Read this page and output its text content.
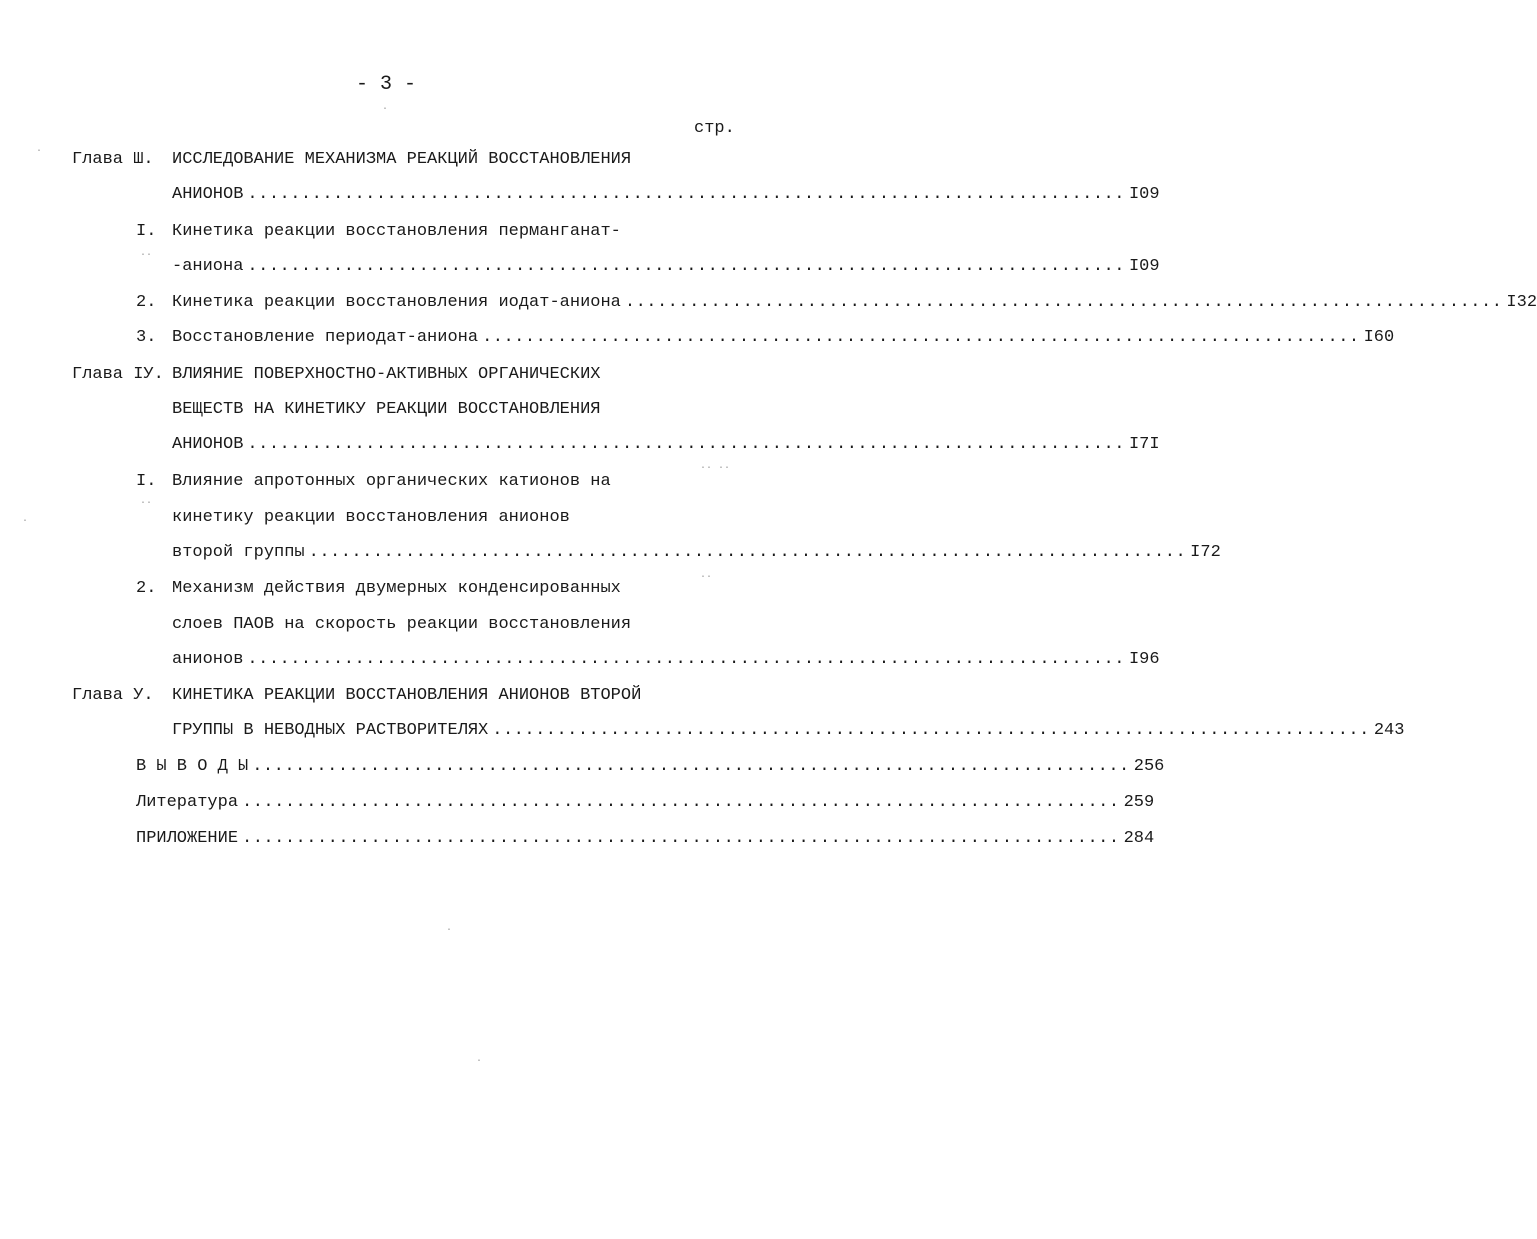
- 3 -
стр.
Глава Ш. ИССЛЕДОВАНИЕ МЕХАНИЗМА РЕАКЦИЙ ВОССТАНОВЛЕНИЯ
АНИОНОВ .................................................................................. I09
I. Кинетика реакции восстановления перманганат-
-аниона .................................................................................. I09
2. Кинетика реакции восстановления иодат-аниона .................................................................................. I32
3. Восстановление периодат-аниона .................................................................................. I60
Глава IУ. ВЛИЯНИЕ ПОВЕРХНОСТНО-АКТИВНЫХ ОРГАНИЧЕСКИХ
ВЕЩЕСТВ НА КИНЕТИКУ РЕАКЦИИ ВОССТАНОВЛЕНИЯ
АНИОНОВ .................................................................................. I7I
I. Влияние апротонных органических катионов на
кинетику реакции восстановления анионов
второй группы .................................................................................. I72
2. Механизм действия двумерных конденсированных
слоев ПАОВ на скорость реакции восстановления
анионов .................................................................................. I96
Глава У. КИНЕТИКА РЕАКЦИИ ВОССТАНОВЛЕНИЯ АНИОНОВ ВТОРОЙ
ГРУППЫ В НЕВОДНЫХ РАСТВОРИТЕЛЯХ .................................................................................. 243
В Ы В О Д Ы .................................................................................. 256
Литература .................................................................................. 259
ПРИЛОЖЕНИЕ .................................................................................. 284
·
·
·
··
··
·· ··
··
·
·
